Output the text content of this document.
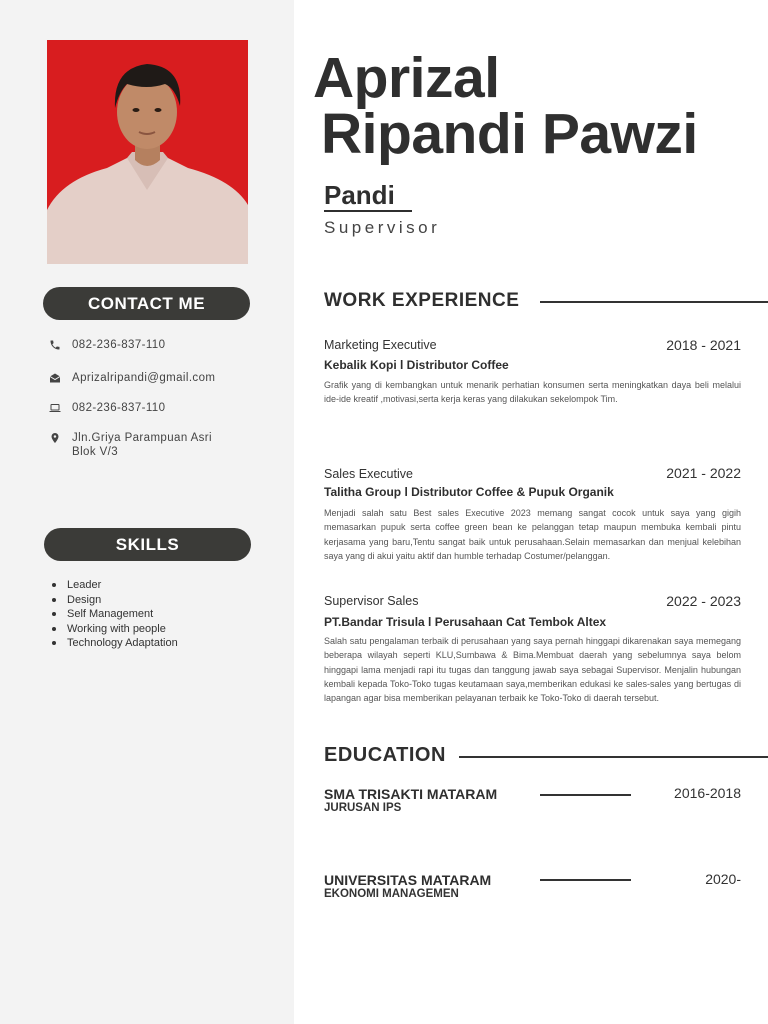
CONTACT ME
082-236-837-110
Aprizalripandi@gmail.com
082-236-837-110
Jln.Griya Parampuan Asri Blok V/3
SKILLS
Leader
Design
Self Management
Working with people
Technology Adaptation
Aprizal
Ripandi Pawzi
Pandi
Supervisor
WORK EXPERIENCE
Marketing Executive	2018 - 2021
Kebalik Kopi l Distributor Coffee
Grafik yang di kembangkan untuk menarik perhatian konsumen serta meningkatkan daya beli melalui ide-ide kreatif ,motivasi,serta kerja keras yang dilakukan sekelompok Tim.
Sales Executive	2021 - 2022
Talitha Group l Distributor Coffee & Pupuk Organik
Menjadi salah satu Best sales Executive 2023 memang sangat cocok untuk saya yang gigih memasarkan pupuk serta coffee green bean ke pelanggan tetap maupun membuka kembali pintu kerjasama yang baru,Tentu sangat baik untuk perusahaan.Selain memasarkan dan menjual kelebihan saya yang di akui yaitu aktif dan humble terhadap Costumer/pelanggan.
Supervisor Sales	2022 - 2023
PT.Bandar Trisula l Perusahaan Cat Tembok Altex
Salah satu pengalaman terbaik di perusahaan yang saya pernah hinggapi dikarenakan saya memegang beberapa wilayah seperti KLU,Sumbawa & Bima.Membuat daerah yang sebelumnya saya belom hinggapi lama menjadi rapi itu tugas dan tanggung jawab saya sebagai Supervisor. Menjalin hubungan kembali kepada Toko-Toko tugas keutamaan saya,memberikan edukasi ke sales-sales yang bertugas di lapangan agar bisa memberikan pelayanan terbaik ke Toko-Toko di daerah tersebut.
EDUCATION
SMA TRISAKTI MATARAM	2016-2018
JURUSAN IPS
UNIVERSITAS MATARAM	2020-
EKONOMI MANAGEMEN
